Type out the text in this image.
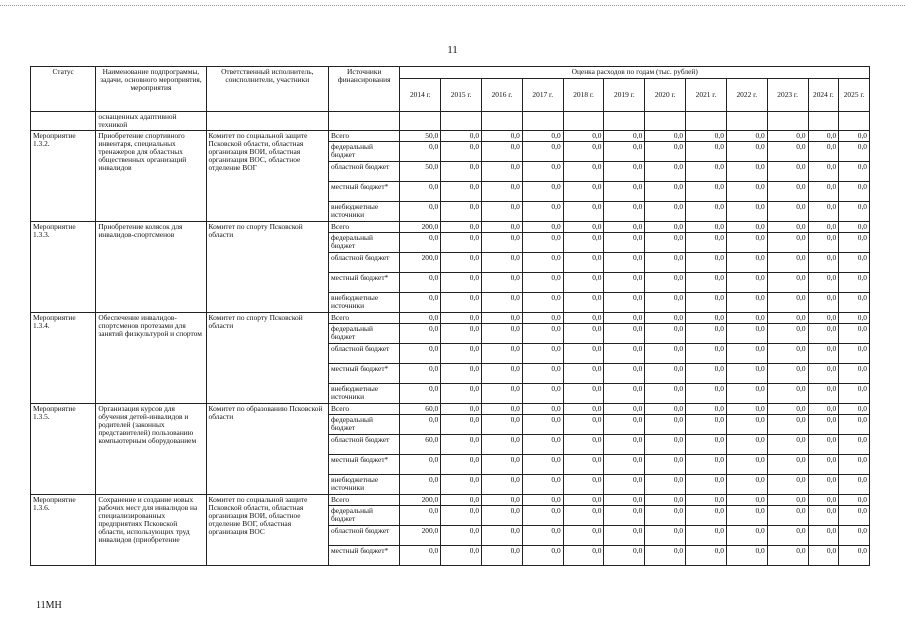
11
Статус	Наименование подпрограммы, задачи, основного мероприятия, мероприятия	Ответственный исполнитель, соисполнители, участники	Источники финансирования	Оценка расходов по годам (тыс. рублей)											
				2014 г.	2015 г.	2016 г.	2017 г.	2018 г.	2019 г.	2020 г.	2021 г.	2022 г.	2023 г.	2024 г.	2025 г.
	оснащенных адаптивной техникой														
Мероприятие 1.3.2.	Приобретение спортивного инвентаря, специальных тренажеров для областных общественных организаций инвалидов	Комитет по социальной защите Псковской области, областная организация ВОИ, областная организация ВОС, областное отделение ВОГ	Всего	50,0	0,0	0,0	0,0	0,0	0,0	0,0	0,0	0,0	0,0	0,0	0,0
			федеральный бюджет	0,0	0,0	0,0	0,0	0,0	0,0	0,0	0,0	0,0	0,0	0,0	0,0
			областной бюджет	50,0	0,0	0,0	0,0	0,0	0,0	0,0	0,0	0,0	0,0	0,0	0,0
			местный бюджет*	0,0	0,0	0,0	0,0	0,0	0,0	0,0	0,0	0,0	0,0	0,0	0,0
			внебюджетные источники	0,0	0,0	0,0	0,0	0,0	0,0	0,0	0,0	0,0	0,0	0,0	0,0
Мероприятие 1.3.3.	Приобретение колясок для инвалидов-спортсменов	Комитет по спорту Псковской области	Всего	200,0	0,0	0,0	0,0	0,0	0,0	0,0	0,0	0,0	0,0	0,0	0,0
			федеральный бюджет	0,0	0,0	0,0	0,0	0,0	0,0	0,0	0,0	0,0	0,0	0,0	0,0
			областной бюджет	200,0	0,0	0,0	0,0	0,0	0,0	0,0	0,0	0,0	0,0	0,0	0,0
			местный бюджет*	0,0	0,0	0,0	0,0	0,0	0,0	0,0	0,0	0,0	0,0	0,0	0,0
			внебюджетные источники	0,0	0,0	0,0	0,0	0,0	0,0	0,0	0,0	0,0	0,0	0,0	0,0
Мероприятие 1.3.4.	Обеспечение инвалидов-спортсменов протезами для занятий физкультурой и спортом	Комитет по спорту Псковской области	Всего	0,0	0,0	0,0	0,0	0,0	0,0	0,0	0,0	0,0	0,0	0,0	0,0
			федеральный бюджет	0,0	0,0	0,0	0,0	0,0	0,0	0,0	0,0	0,0	0,0	0,0	0,0
			областной бюджет	0,0	0,0	0,0	0,0	0,0	0,0	0,0	0,0	0,0	0,0	0,0	0,0
			местный бюджет*	0,0	0,0	0,0	0,0	0,0	0,0	0,0	0,0	0,0	0,0	0,0	0,0
			внебюджетные источники	0,0	0,0	0,0	0,0	0,0	0,0	0,0	0,0	0,0	0,0	0,0	0,0
Мероприятие 1.3.5.	Организация курсов для обучения детей-инвалидов и родителей (законных представителей) пользованию компьютерным оборудованием	Комитет по образованию Псковской области	Всего	60,0	0,0	0,0	0,0	0,0	0,0	0,0	0,0	0,0	0,0	0,0	0,0
			федеральный бюджет	0,0	0,0	0,0	0,0	0,0	0,0	0,0	0,0	0,0	0,0	0,0	0,0
			областной бюджет	60,0	0,0	0,0	0,0	0,0	0,0	0,0	0,0	0,0	0,0	0,0	0,0
			местный бюджет*	0,0	0,0	0,0	0,0	0,0	0,0	0,0	0,0	0,0	0,0	0,0	0,0
			внебюджетные источники	0,0	0,0	0,0	0,0	0,0	0,0	0,0	0,0	0,0	0,0	0,0	0,0
Мероприятие 1.3.6.	Сохранение и создание новых рабочих мест для инвалидов на специализированных предприятиях Псковской области, использующих труд инвалидов (приобретение	Комитет по социальной защите Псковской области, областная организация ВОИ, областное отделение ВОГ, областная организация ВОС	Всего	200,0	0,0	0,0	0,0	0,0	0,0	0,0	0,0	0,0	0,0	0,0	0,0
			федеральный бюджет	0,0	0,0	0,0	0,0	0,0	0,0	0,0	0,0	0,0	0,0	0,0	0,0
			областной бюджет	200,0	0,0	0,0	0,0	0,0	0,0	0,0	0,0	0,0	0,0	0,0	0,0
			местный бюджет*	0,0	0,0	0,0	0,0	0,0	0,0	0,0	0,0	0,0	0,0	0,0	0,0
11МН
